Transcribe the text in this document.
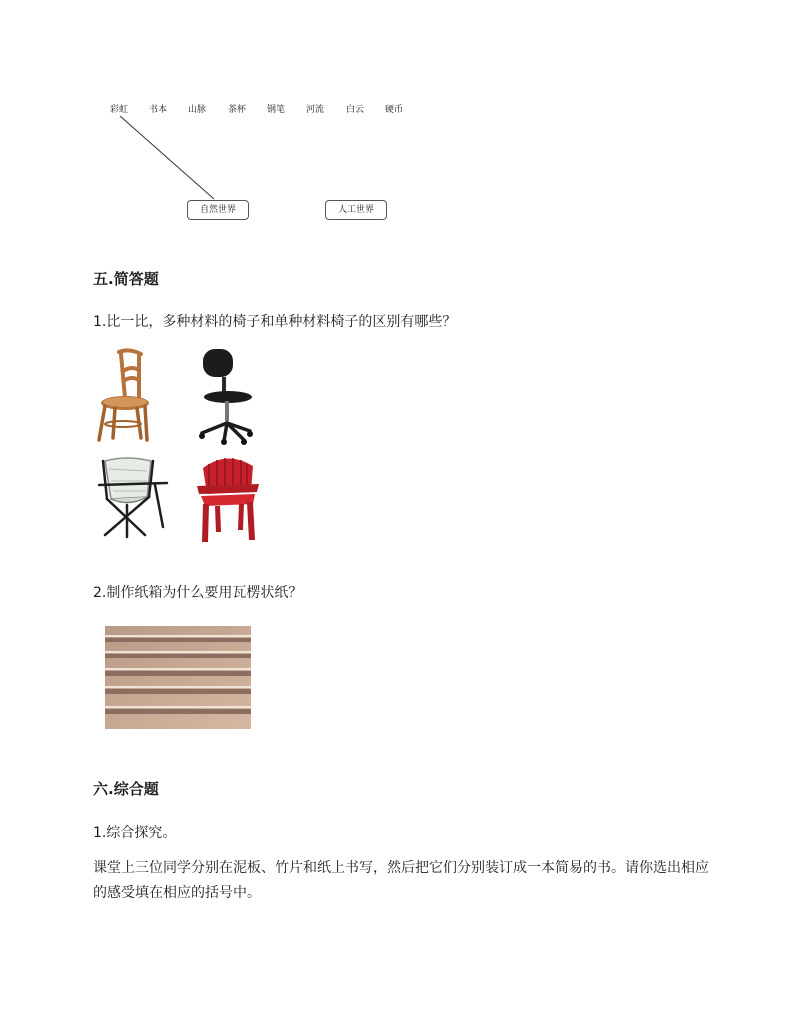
彩虹 书本 山脉 茶杯 钢笔 河流 白云 硬币
自然世界	人工世界
五.简答题
1.比一比，多种材料的椅子和单种材料椅子的区别有哪些？
2.制作纸箱为什么要用瓦楞状纸？
六.综合题
1.综合探究。
课堂上三位同学分别在泥板、竹片和纸上书写，然后把它们分别装订成一本简易的书。请你选出相应的感受填在相应的括号中。
